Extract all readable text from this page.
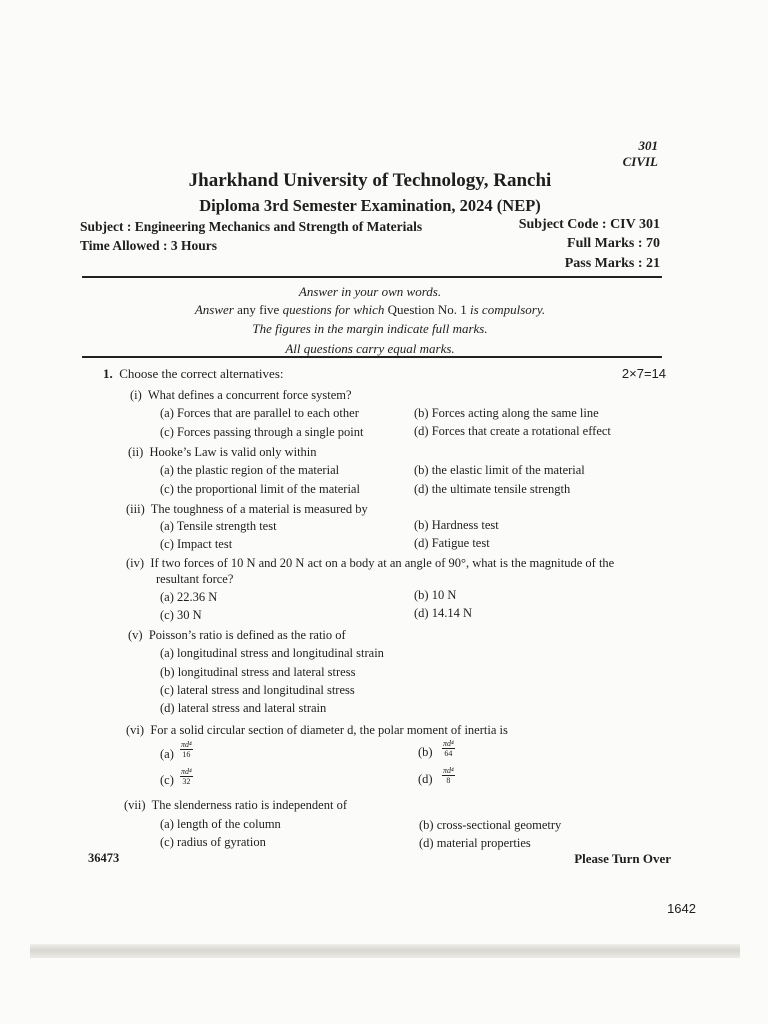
301
CIVIL
Jharkhand University of Technology, Ranchi
Diploma 3rd Semester Examination, 2024 (NEP)
Subject : Engineering Mechanics and Strength of Materials
Time Allowed : 3 Hours
Subject Code : CIV 301
Full Marks : 70
Pass Marks : 21
Answer in your own words.
Answer any five questions for which Question No. 1 is compulsory.
The figures in the margin indicate full marks.
All questions carry equal marks.
1. Choose the correct alternatives:	2×7=14
(i) What defines a concurrent force system?
(a) Forces that are parallel to each other	(b) Forces acting along the same line
(c) Forces passing through a single point	(d) Forces that create a rotational effect
(ii) Hooke’s Law is valid only within
(a) the plastic region of the material	(b) the elastic limit of the material
(c) the proportional limit of the material	(d) the ultimate tensile strength
(iii) The toughness of a material is measured by
(a) Tensile strength test	(b) Hardness test
(c) Impact test	(d) Fatigue test
(iv) If two forces of 10 N and 20 N act on a body at an angle of 90°, what is the magnitude of the
resultant force?
(a) 22.36 N	(b) 10 N
(c) 30 N	(d) 14.14 N
(v) Poisson’s ratio is defined as the ratio of
(a) longitudinal stress and longitudinal strain
(b) longitudinal stress and lateral stress
(c) lateral stress and longitudinal stress
(d) lateral stress and lateral strain
(vi) For a solid circular section of diameter d, the polar moment of inertia is
$(a) \frac{\text{πd⁴}}{16}$	$(b) \frac{\text{πd⁴}}{64}$
$(c) \frac{\text{πd⁴}}{32}$	$(d) \frac{\text{πd⁴}}{8}$
(vii) The slenderness ratio is independent of
(a) length of the column	(b) cross-sectional geometry
(c) radius of gyration	(d) material properties
36473	Please Turn Over
1642
